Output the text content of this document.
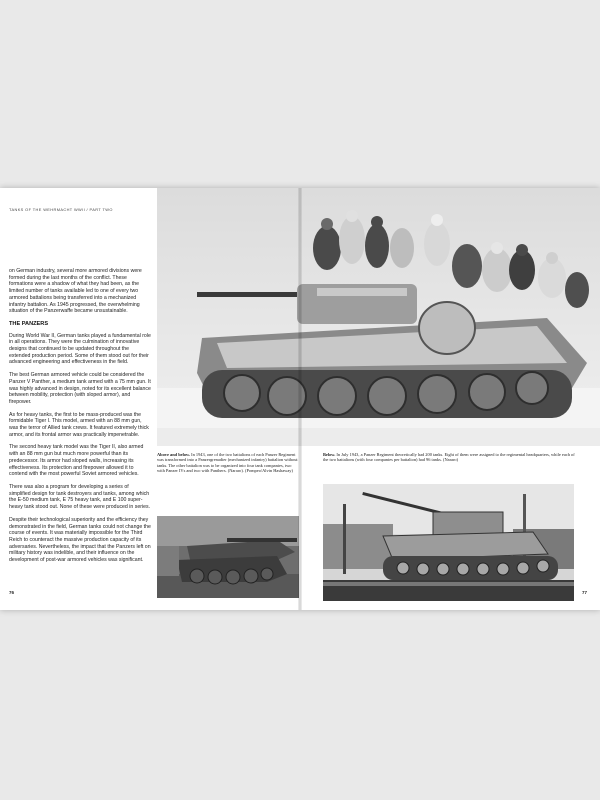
TANKS OF THE WEHRMACHT WWII / PART TWO

on German industry, several more armored divisions were formed during the last months of the conflict. These formations were a shadow of what they had been, as the limited number of tanks available led to one of every two armored battalions being transferred into a mechanized infantry battalion. As 1945 progressed, the overwhelming situation of the Panzerwaffe became unsustainable.

THE PANZERS

During World War II, German tanks played a fundamental role in all operations. They were the culmination of innovative designs that continued to be updated throughout the extended production period. Some of them stood out for their advanced engineering and effectiveness in the field.

The best German armored vehicle could be considered the Panzer V Panther, a medium tank armed with a 75 mm gun. It was highly advanced in design, noted for its excellent balance between mobility, protection (with sloped armor), and firepower.

As for heavy tanks, the first to be mass-produced was the formidable Tiger I. This model, armed with an 88 mm gun, was the terror of Allied tank crews. It featured extremely thick armor, and its frontal armor was practically impenetrable.

The second heavy tank model was the Tiger II, also armed with an 88 mm gun but much more powerful than its predecessor. Its armor had sloped walls, increasing its effectiveness. Its protection and firepower allowed it to contend with the most powerful Soviet armored vehicles.

There was also a program for developing a series of simplified design for tank destroyers and tanks, among which the E-50 medium tank, E 75 heavy tank, and E 100 super-heavy tank stood out. None of these were produced in series.

Despite their technological superiority and the efficiency they demonstrated in the field, German tanks could not change the course of events. It was materially impossible for the Third Reich to counteract the massive production capacity of its adversaries. Nevertheless, the impact that the Panzers left on military history was indelible, and their influence on the development of post-war armored vehicles was significant.

76	77
Above and below. In 1943, one of the two battalions of each Panzer Regiment was transformed into a Panzergrenadier (mechanized infantry) battalion without tanks. The other battalion was to be organized into four tank companies, two with Panzer IVs and two with Panthers. (Nararo). (Pompeo/Alvin Hashaway)
Below. In July 1943, a Panzer Regiment theoretically had 200 tanks. Eight of them were assigned to the regimental headquarters, while each of the two battalions (with four companies per battalion) had 96 tanks. (Nararo)
